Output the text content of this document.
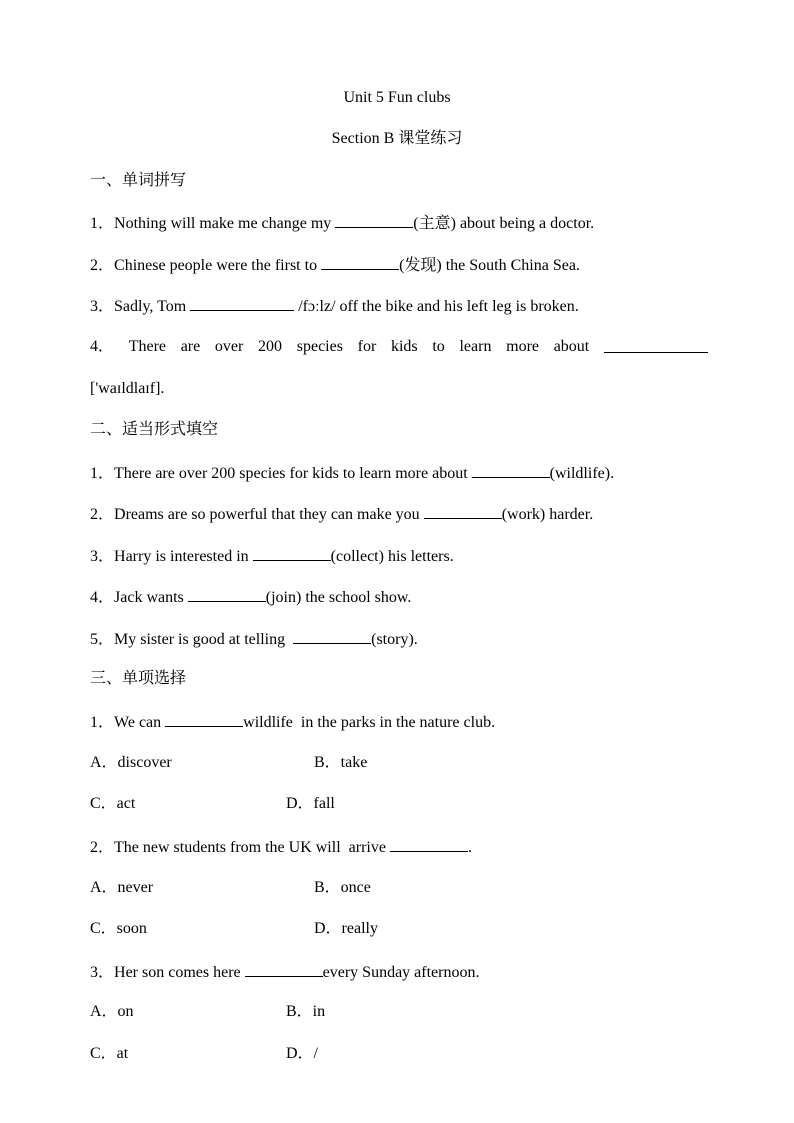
Unit 5 Fun clubs
Section B 课堂练习
一、单词拼写
1．Nothing will make me change my	(主意) about being a doctor.
2．Chinese people were the first to	(发现) the South China Sea.
3．Sadly, Tom	/fɔːlz/ off the bike and his left leg is broken.
4． There are over 200 species for kids to learn more about
['waɪldlaɪf].
二、适当形式填空
1．There are over 200 species for kids to learn more about	(wildlife).
2．Dreams are so powerful that they can make you	(work) harder.
3．Harry is interested in	(collect) his letters.
4．Jack wants	(join) the school show.
5．My sister is good at telling	(story).
三、单项选择
1．We can	wildlife  in the parks in the nature club.
A．discover	B．take
C．act	D．fall
2．The new students from the UK will  arrive	.
A．never	B．once
C．soon	D．really
3．Her son comes here	every Sunday afternoon.
A．on	B．in
C．at	D．/
